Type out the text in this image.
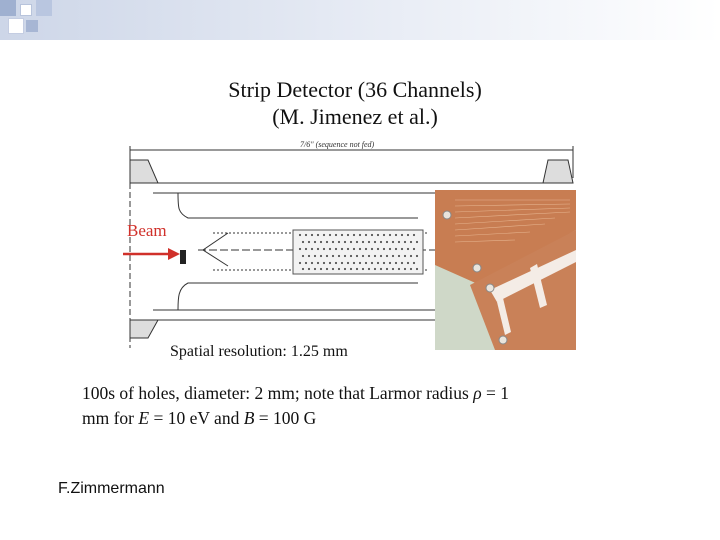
Strip Detector (36 Channels)
(M. Jimenez et al.)
7/6" (sequence not fed)
Beam
Spatial resolution: 1.25 mm
100s of holes, diameter: 2 mm; note that Larmor radius ρ = 1
mm for E = 10 eV and B = 100 G
F.Zimmermann
